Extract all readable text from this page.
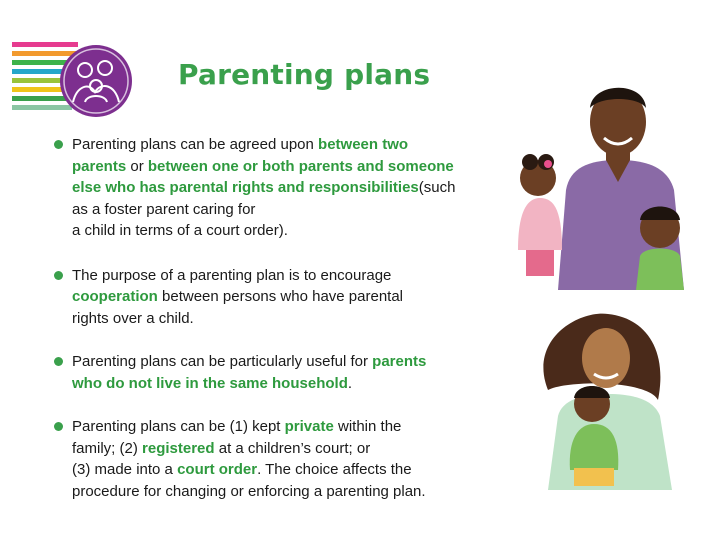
Parenting plans
Parenting plans can be agreed upon between two
parents or between one or both parents and someone
else who has parental rights and responsibilities(such
as a foster parent caring for
a child in terms of a court order).
The purpose of a parenting plan is to encourage
cooperation between persons who have parental
rights over a child.
Parenting plans can be particularly useful for parents
who do not live in the same household.
Parenting plans can be (1) kept private within the
family; (2) registered at a children’s court; or
(3) made into a court order. The choice affects the
procedure for changing or enforcing a parenting plan.
